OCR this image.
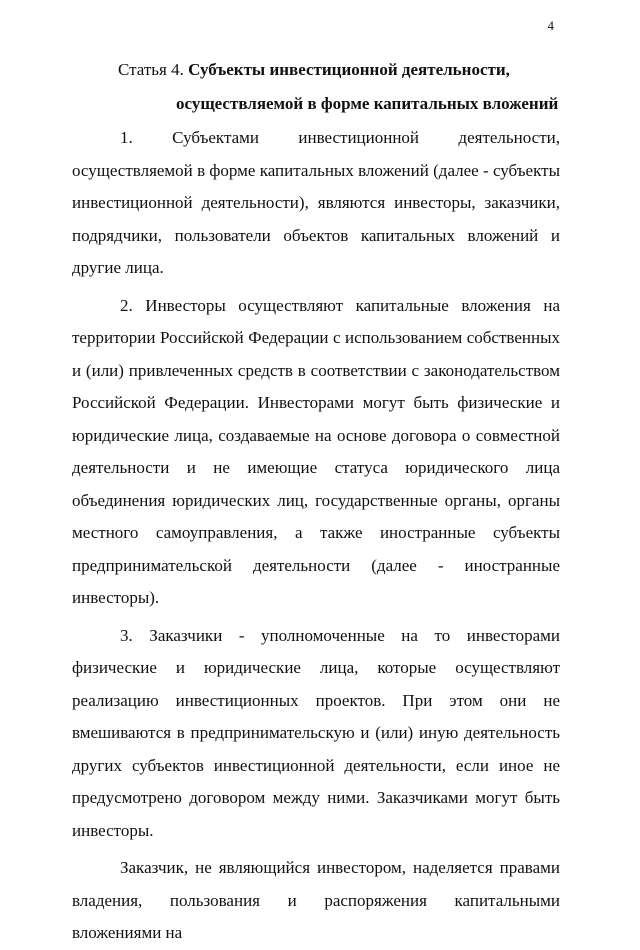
4
Статья 4. Субъекты инвестиционной деятельности,
осуществляемой в форме капитальных вложений

1. Субъектами инвестиционной деятельности, осуществляемой в форме капитальных вложений (далее - субъекты инвестиционной деятельности), являются инвесторы, заказчики, подрядчики, пользователи объектов капитальных вложений и другие лица.

2. Инвесторы осуществляют капитальные вложения на территории Российской Федерации с использованием собственных и (или) привлеченных средств в соответствии с законодательством Российской Федерации. Инвесторами могут быть физические и юридические лица, создаваемые на основе договора о совместной деятельности и не имеющие статуса юридического лица объединения юридических лиц, государственные органы, органы местного самоуправления, а также иностранные субъекты предпринимательской деятельности (далее - иностранные инвесторы).

3. Заказчики - уполномоченные на то инвесторами физические и юридические лица, которые осуществляют реализацию инвестиционных проектов. При этом они не вмешиваются в предпринимательскую и (или) иную деятельность других субъектов инвестиционной деятельности, если иное не предусмотрено договором между ними. Заказчиками могут быть инвесторы.

Заказчик, не являющийся инвестором, наделяется правами владения, пользования и распоряжения капитальными вложениями на
